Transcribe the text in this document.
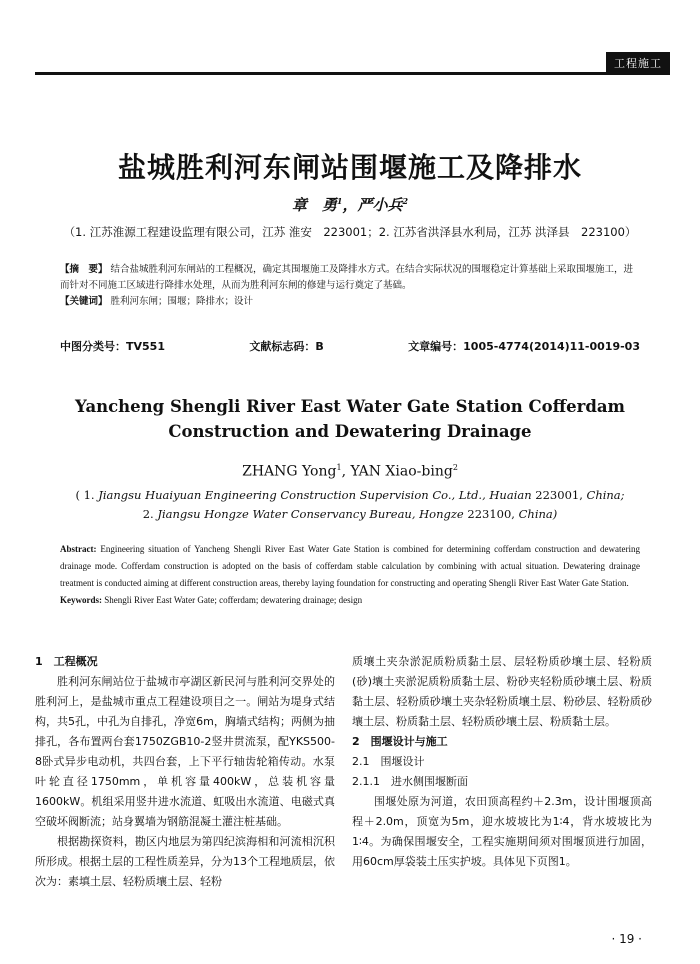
工程施工
盐城胜利河东闸站围堰施工及降排水
章　勇$^1$，严小兵$^2$
（1. 江苏淮源工程建设监理有限公司，江苏 淮安　223001；2. 江苏省洪泽县水利局，江苏 洪泽县　223100）
【摘　要】 结合盐城胜利河东闸站的工程概况，确定其围堰施工及降排水方式。在结合实际状况的围堰稳定计算基础上采取围堰施工，进而针对不同施工区域进行降排水处理，从而为胜利河东闸的修建与运行奠定了基础。
【关键词】 胜利河东闸；围堰；降排水；设计
中图分类号：TV551	文献标志码：B	文章编号：1005-4774(2014)11-0019-03
Yancheng Shengli River East Water Gate Station Cofferdam Construction and Dewatering Drainage
ZHANG Yong$^1$, YAN Xiao-bing$^2$
( 1. Jiangsu Huaiyuan Engineering Construction Supervision Co., Ltd., Huaian 223001, China;
2. Jiangsu Hongze Water Conservancy Bureau, Hongze 223100, China)
Abstract: Engineering situation of Yancheng Shengli River East Water Gate Station is combined for determining cofferdam construction and dewatering drainage mode. Cofferdam construction is adopted on the basis of cofferdam stable calculation by combining with actual situation. Dewatering drainage treatment is conducted aiming at different construction areas, thereby laying foundation for constructing and operating Shengli River East Water Gate Station.
Keywords: Shengli River East Water Gate; cofferdam; dewatering drainage; design

1　工程概况

胜利河东闸站位于盐城市亭湖区新民河与胜利河交界处的胜利河上，是盐城市重点工程建设项目之一。闸站为堤身式结构，共5孔，中孔为自排孔，净宽6m，胸墙式结构；两侧为抽排孔，各布置两台套1750ZGB10-2竖井贯流泵，配YKS500-8卧式异步电动机，共四台套，上下平行轴齿轮箱传动。水泵叶轮直径1750mm，单机容量400kW，总装机容量1600kW。机组采用竖井进水流道、虹吸出水流道、电磁式真空破坏阀断流；站身翼墙为钢筋混凝土灌注桩基础。

根据勘探资料，勘区内地层为第四纪滨海相和河流相沉积所形成。根据土层的工程性质差异，分为13个工程地质层，依次为：素填土层、轻粉质壤土层、轻粉

质壤土夹杂淤泥质粉质黏土层、层轻粉质砂壤土层、轻粉质(砂)壤土夹淤泥质粉质黏土层、粉砂夹轻粉质砂壤土层、粉质黏土层、轻粉质砂壤土夹杂轻粉质壤土层、粉砂层、轻粉质砂壤土层、粉质黏土层、轻粉质砂壤土层、粉质黏土层。

2　围堰设计与施工

2.1　围堰设计

2.1.1　进水侧围堰断面

围堰处原为河道，农田顶高程约＋2.3m，设计围堰顶高程＋2.0m，顶宽为5m，迎水坡坡比为1∶4，背水坡坡比为1∶4。为确保围堰安全，工程实施期间须对围堰顶进行加固，用60cm厚袋装土压实护坡。具体见下页图1。

· 19 ·
